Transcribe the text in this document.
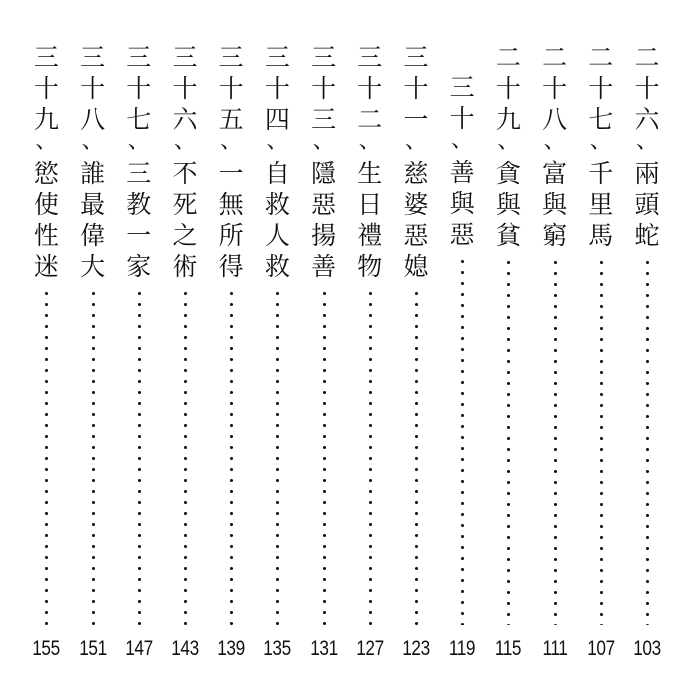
二
十
六
、
兩
頭
蛇
103
二
十
七
、
千
里
馬
107
二
十
八
、
富
與
窮
111
二
十
九
、
貪
與
貧
115
三
十
、
善
與
惡
119
三
十
一
、
慈
婆
惡
媳
123
三
十
二
、
生
日
禮
物
127
三
十
三
、
隱
惡
揚
善
131
三
十
四
、
自
救
人
救
135
三
十
五
、
一
無
所
得
139
三
十
六
、
不
死
之
術
143
三
十
七
、
三
教
一
家
147
三
十
八
、
誰
最
偉
大
151
三
十
九
、
慾
使
性
迷
155
